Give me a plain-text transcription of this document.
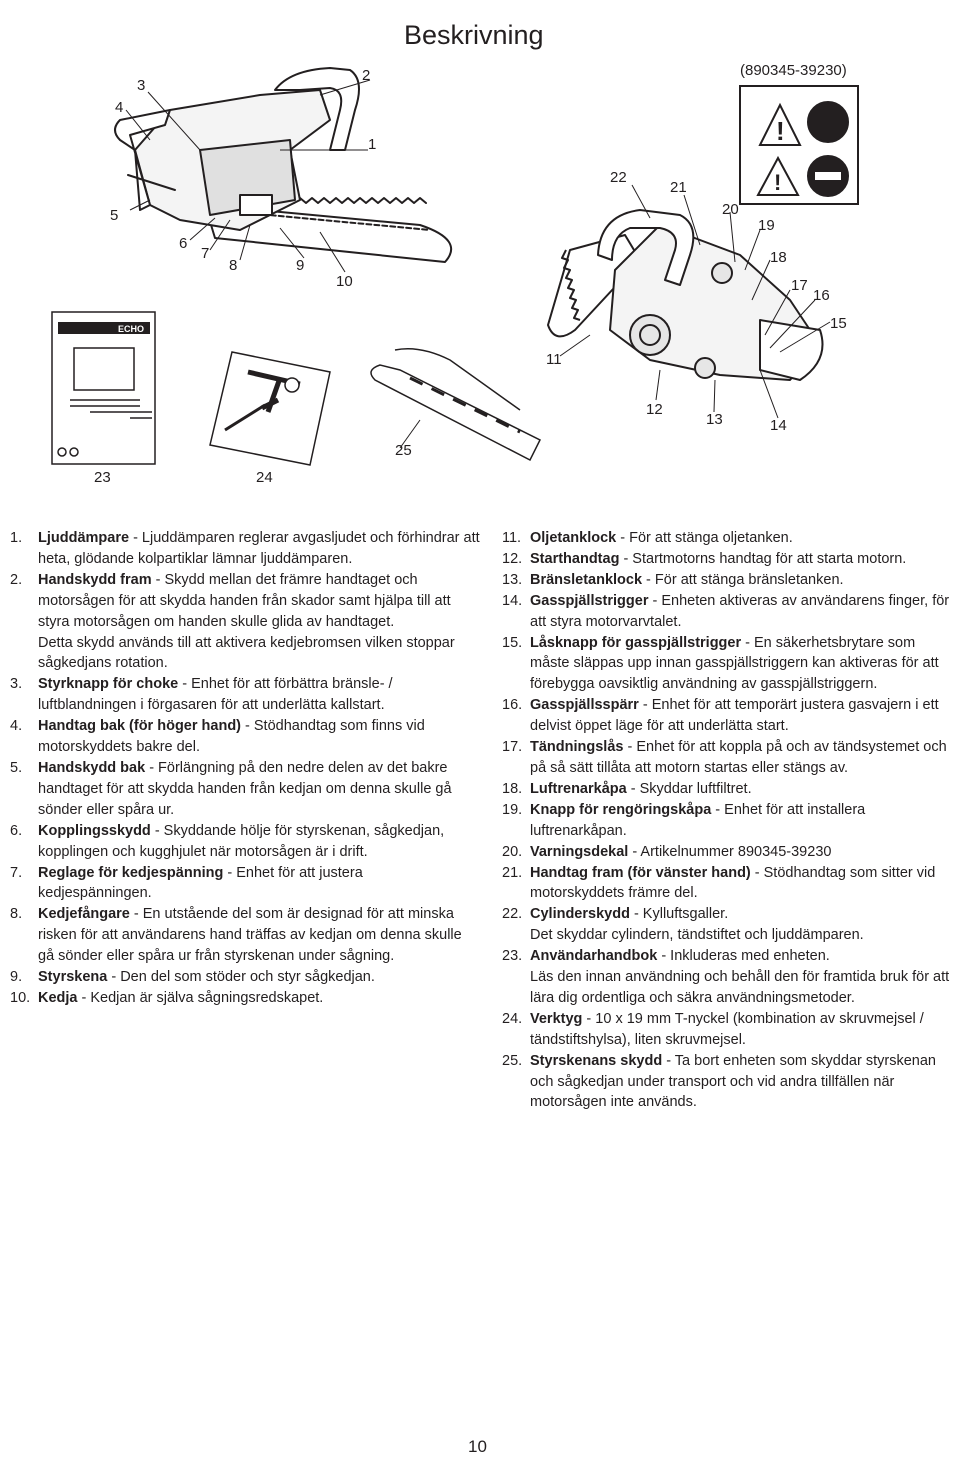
Beskrivning
(890345-39230)
!
!
ECHO
1
2
3
4
5
6
7
8	9
10
11
12
13	14
15
16
17
18
19
20
21
22
23	24
25
1. Ljuddämpare - Ljuddämparen reglerar avgasljudet och förhindrar att heta, glödande kolpartiklar lämnar ljuddämparen.
2. Handskydd fram - Skydd mellan det främre handtaget och motorsågen för att skydda handen från skador samt hjälpa till att styra motorsågen om handen skulle glida av handtaget.
Detta skydd används till att aktivera kedjebromsen vilken stoppar sågkedjans rotation.
3. Styrknapp för choke - Enhet för att förbättra bränsle- / luftblandningen i förgasaren för att underlätta kallstart.
4. Handtag bak (för höger hand) - Stödhandtag som finns vid motorskyddets bakre del.
5. Handskydd bak - Förlängning på den nedre delen av det bakre handtaget för att skydda handen från kedjan om denna skulle gå sönder eller spåra ur.
6. Kopplingsskydd - Skyddande hölje för styrskenan, sågkedjan, kopplingen och kugghjulet när motorsågen är i drift.
7. Reglage för kedjespänning - Enhet för att justera kedjespänningen.
8. Kedjefångare - En utstående del som är designad för att minska risken för att användarens hand träffas av kedjan om denna skulle gå sönder eller spåra ur från styrskenan under sågning.
9. Styrskena - Den del som stöder och styr sågkedjan.
10. Kedja - Kedjan är själva sågningsredskapet.
11. Oljetanklock - För att stänga oljetanken.
12. Starthandtag - Startmotorns handtag för att starta motorn.
13. Bränsletanklock - För att stänga bränsletanken.
14. Gasspjällstrigger - Enheten aktiveras av användarens finger, för att styra motorvarvtalet.
15. Låsknapp för gasspjällstrigger - En säkerhetsbrytare som måste släppas upp innan gasspjällstriggern kan aktiveras för att förebygga oavsiktlig användning av gasspjällstriggern.
16. Gasspjällsspärr - Enhet för att temporärt justera gasvajern i ett delvist öppet läge för att underlätta start.
17. Tändningslås - Enhet för att koppla på och av tändsystemet och på så sätt tillåta att motorn startas eller stängs av.
18. Luftrenarkåpa - Skyddar luftfiltret.
19. Knapp för rengöringskåpa - Enhet för att installera luftrenarkåpan.
20. Varningsdekal - Artikelnummer 890345-39230
21. Handtag fram (för vänster hand) - Stödhandtag som sitter vid motorskyddets främre del.
22. Cylinderskydd - Kylluftsgaller.
Det skyddar cylindern, tändstiftet och ljuddämparen.
23. Användarhandbok - Inkluderas med enheten.
Läs den innan användning och behåll den för framtida bruk för att lära dig ordentliga och säkra användningsmetoder.
24. Verktyg - 10 x 19 mm T-nyckel (kombination av skruvmejsel / tändstiftshylsa), liten skruvmejsel.
25. Styrskenans skydd - Ta bort enheten som skyddar styrskenan och sågkedjan under transport och vid andra tillfällen när motorsågen inte används.
10
